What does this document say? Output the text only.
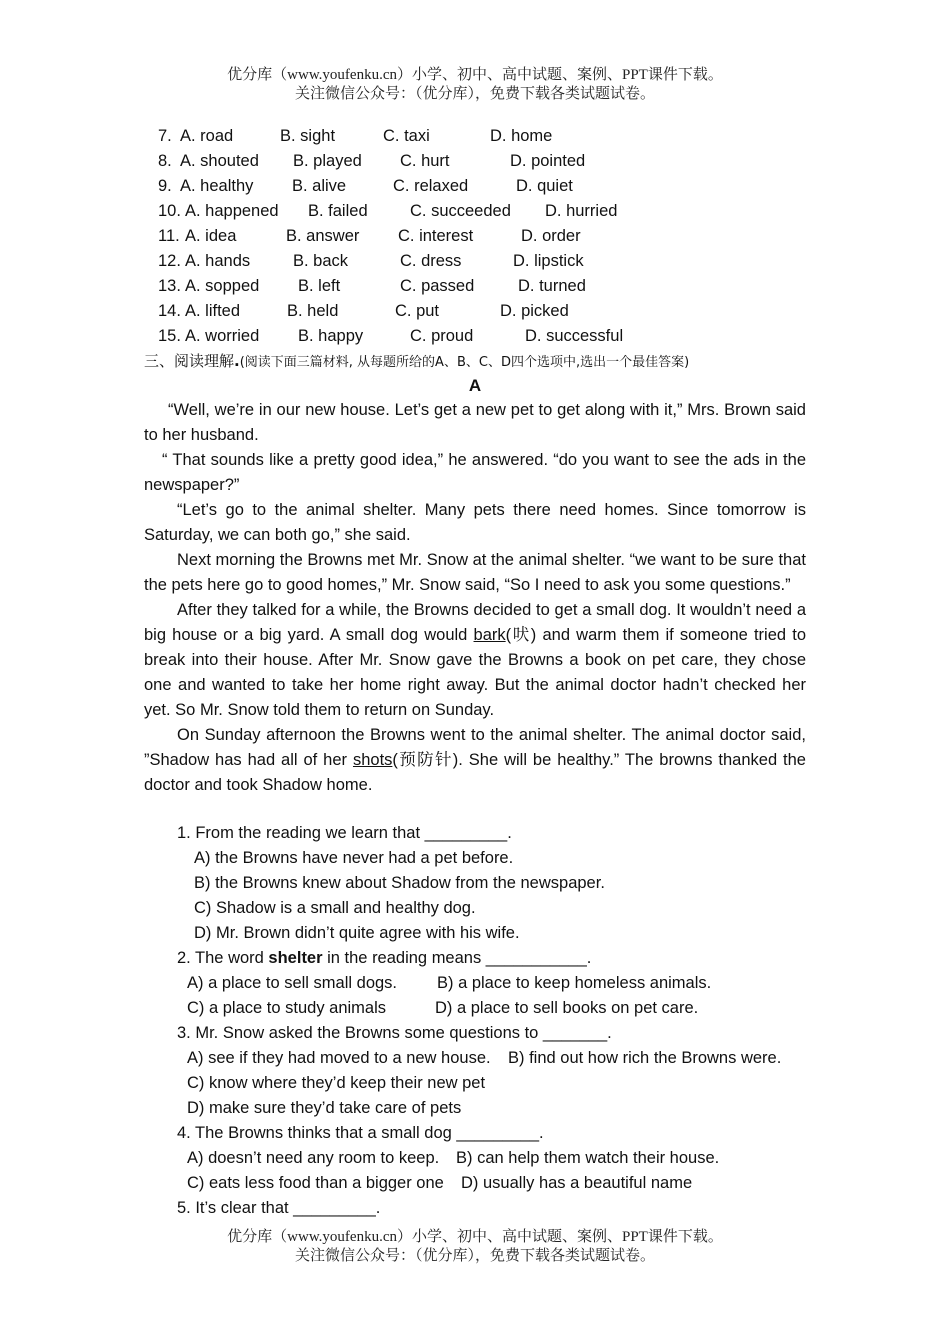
优分库（www.youfenku.cn）小学、初中、高中试题、案例、PPT课件下载。
关注微信公众号：（优分库），免费下载各类试题试卷。
7. A. road	B. sight	C. taxi	D. home
8. A. shouted B. played C. hurt	D. pointed
9. A. healthy B. alive	C. relaxed	D. quiet
10. A. happened B. failed	C. succeeded D. hurried
11. A. idea	B. answer C. interest	D. order
12. A. hands	B. back	C. dress	D. lipstick
13. A. sopped B. left	C. passed	D. turned
14. A. lifted	B. held	C. put	D. picked
15. A. worried B. happy	C. proud	D. successful
三、阅读理解.(阅读下面三篇材料, 从每题所给的A、B、C、D四个选项中,选出一个最佳答案)
A

“Well, we’re in our new house. Let’s get a new pet to get along with it,” Mrs. Brown said to her husband.

“ That sounds like a pretty good idea,” he answered. “do you want to see the ads in the newspaper?”

“Let’s go to the animal shelter. Many pets there need homes. Since tomorrow is Saturday, we can both go,” she said.

Next morning the Browns met Mr. Snow at the animal shelter. “we want to be sure that the pets here go to good homes,” Mr. Snow said, “So I need to ask you some questions.”

After they talked for a while, the Browns decided to get a small dog. It wouldn’t need a big house or a big yard. A small dog would bark(吠) and warm them if someone tried to break into their house. After Mr. Snow gave the Browns a book on pet care, they chose one and wanted to take her home right away. But the animal doctor hadn’t checked her yet. So Mr. Snow told them to return on Sunday.

On Sunday afternoon the Browns went to the animal shelter. The animal doctor said, ”Shadow has had all of her shots(预防针). She will be healthy.” The browns thanked the doctor and took Shadow home.

1. From the reading we learn that _________.
A) the Browns have never had a pet before.
B) the Browns knew about Shadow from the newspaper.
C) Shadow is a small and healthy dog.
D) Mr. Brown didn’t quite agree with his wife.
2. The word shelter in the reading means ___________.
A) a place to sell small dogs. B) a place to keep homeless animals.
C) a place to study animals	D) a place to sell books on pet care.
3. Mr. Snow asked the Browns some questions to _______.
A) see if they had moved to a new house. B) find out how rich the Browns were.
C) know where they’d keep their new pet
D) make sure they’d take care of pets
4. The Browns thinks that a small dog _________.
A) doesn’t need any room to keep. B) can help them watch their house.
C) eats less food than a bigger one D) usually has a beautiful name
5. It’s clear that _________.
优分库（www.youfenku.cn）小学、初中、高中试题、案例、PPT课件下载。
关注微信公众号：（优分库），免费下载各类试题试卷。
